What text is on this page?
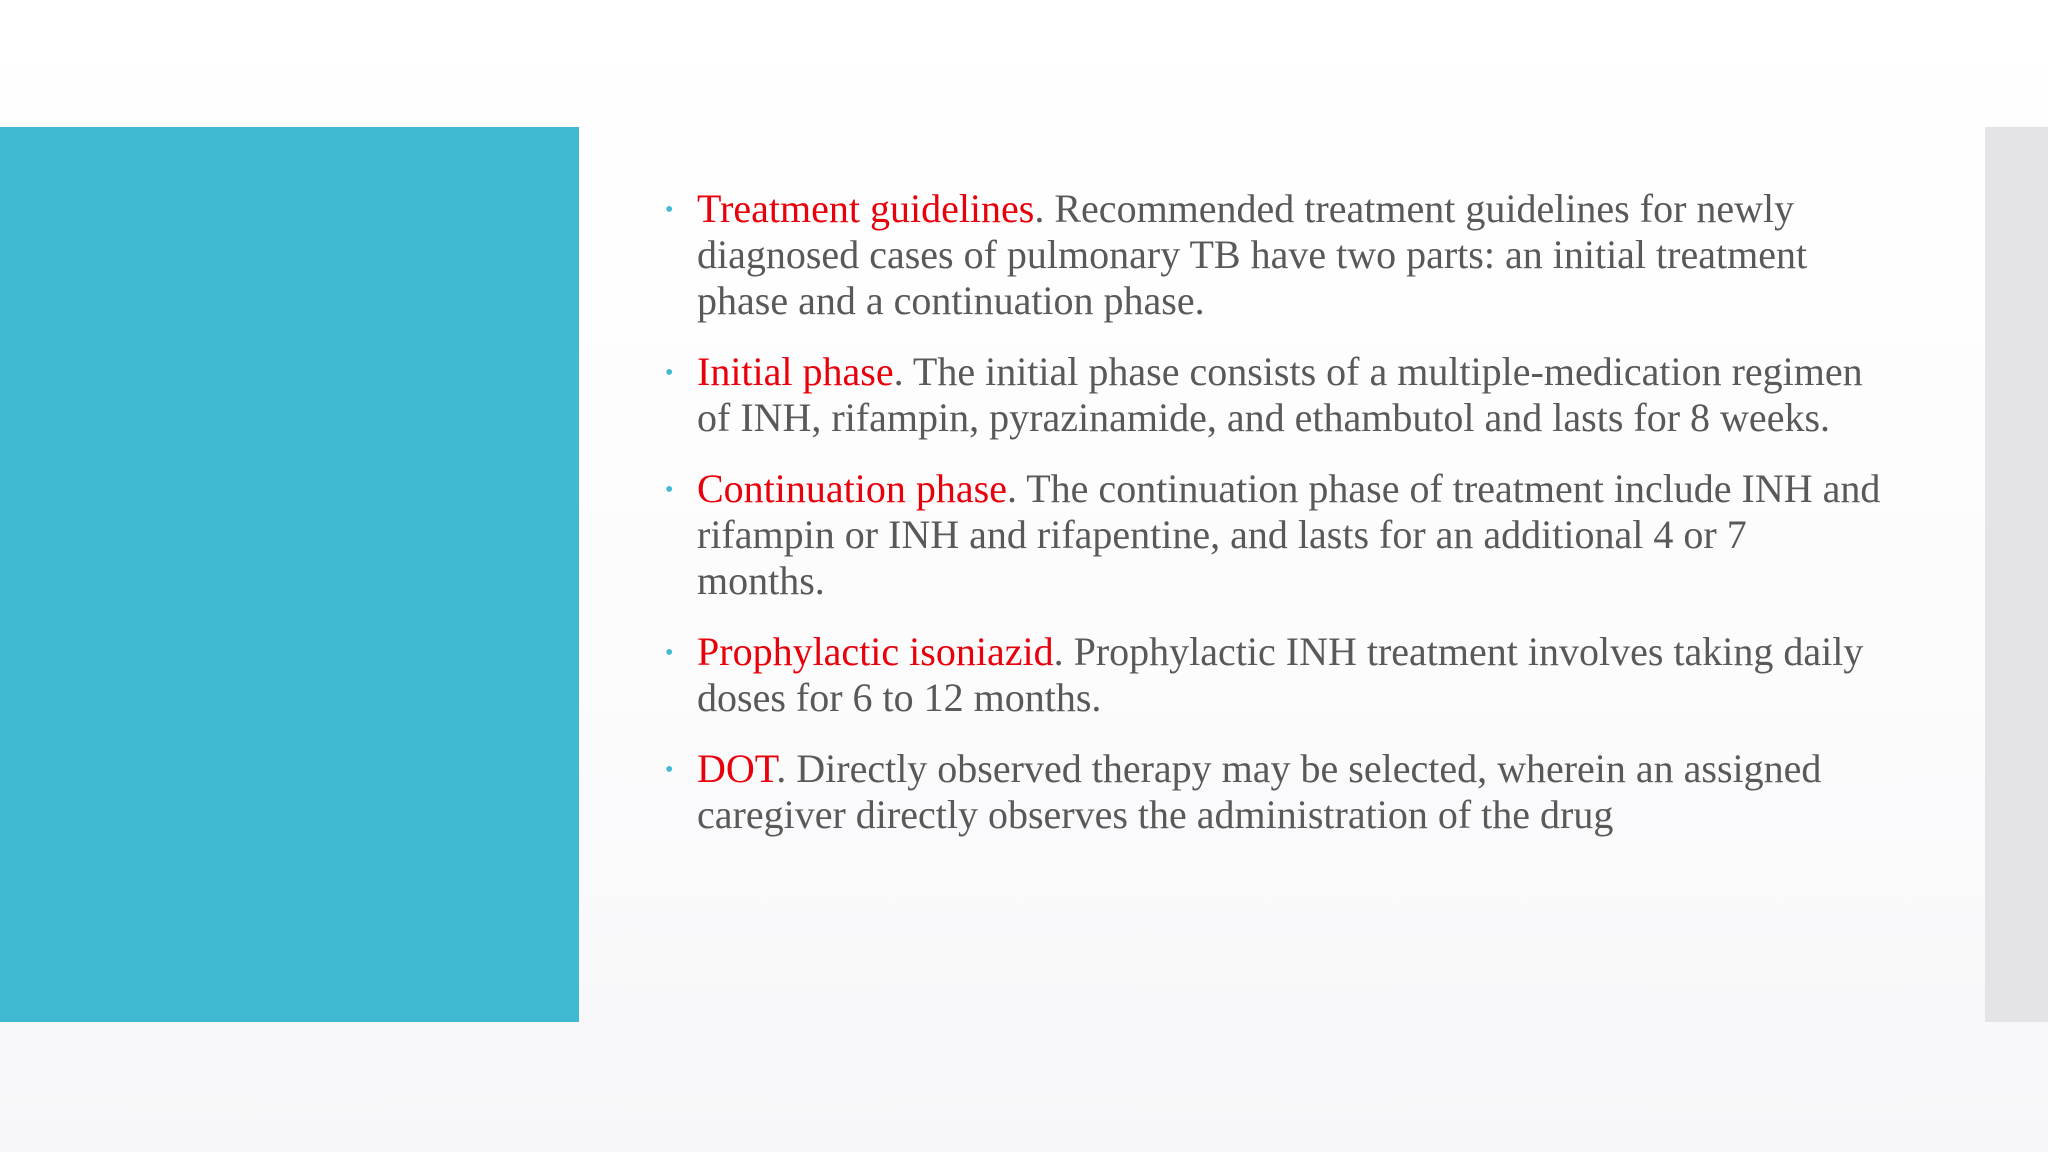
• Treatment guidelines. Recommended treatment guidelines for newly diagnosed cases of pulmonary TB have two parts: an initial treatment phase and a continuation phase.
• Initial phase. The initial phase consists of a multiple-medication regimen of INH, rifampin, pyrazinamide, and ethambutol and lasts for 8 weeks.
• Continuation phase. The continuation phase of treatment include INH and rifampin or INH and rifapentine, and lasts for an additional 4 or 7 months.
• Prophylactic isoniazid. Prophylactic INH treatment involves taking daily doses for 6 to 12 months.
• DOT. Directly observed therapy may be selected, wherein an assigned caregiver directly observes the administration of the drug
